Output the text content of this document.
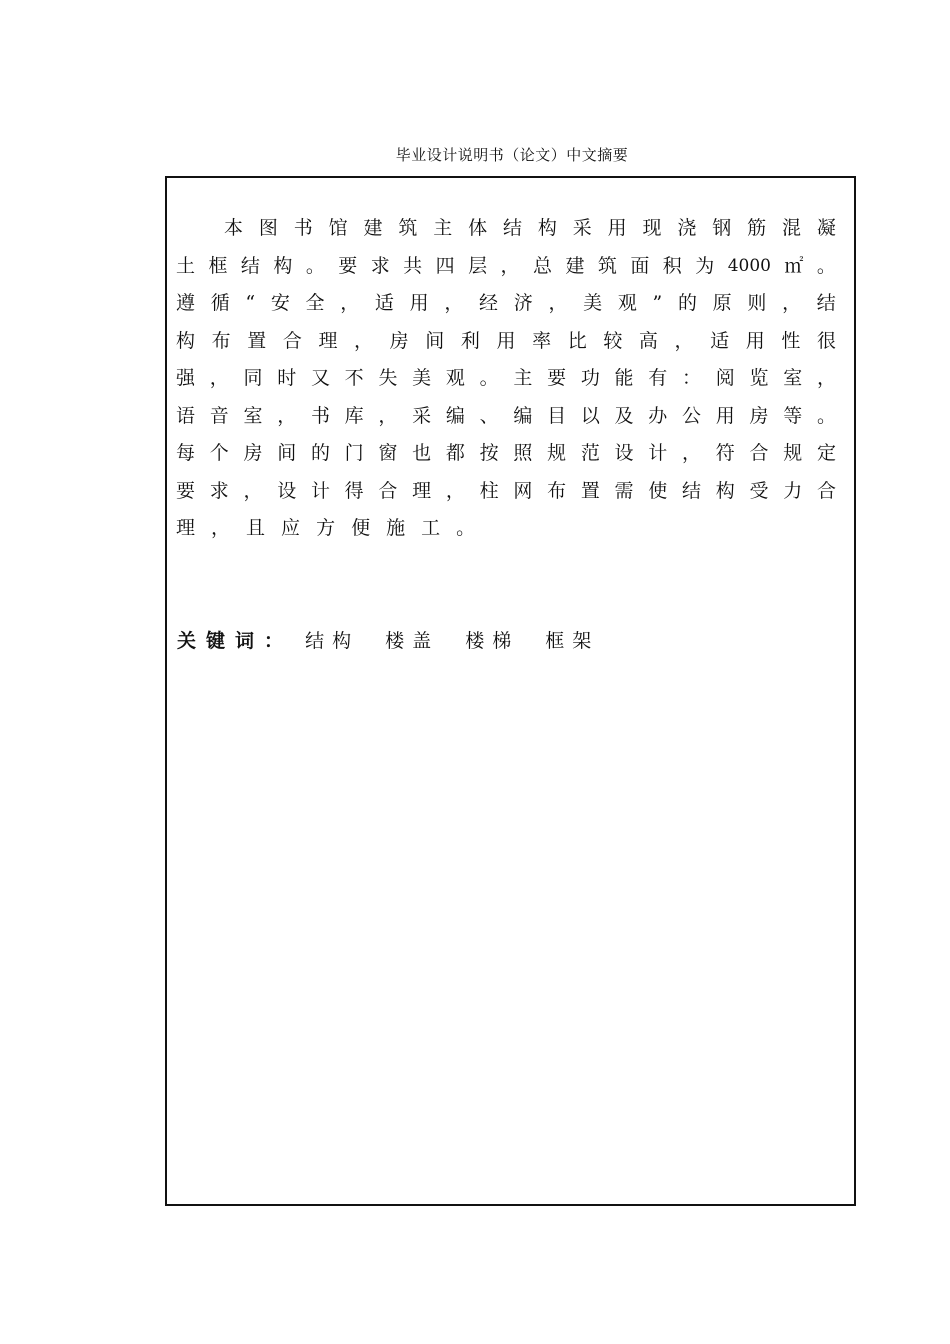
毕业设计说明书（论文）中文摘要
本 图 书 馆 建 筑 主 体 结 构 采 用 现 浇 钢 筋 混 凝
土 框 结 构 。 要 求 共 四 层 ， 总 建 筑 面 积 为 4000 ㎡ 。
遵 循 “ 安 全 ， 适 用 ， 经 济 ， 美 观 ” 的 原 则 ， 结
构 布 置 合 理 ， 房 间 利 用 率 比 较 高 ， 适 用 性 很
强 ， 同 时 又 不 失 美 观 。 主 要 功 能 有 ： 阅 览 室 ，
语 音 室 ， 书 库 ， 采 编 、 编 目 以 及 办 公 用 房 等 。
每 个 房 间 的 门 窗 也 都 按 照 规 范 设 计 ， 符 合 规 定
要 求 ， 设 计 得 合 理 ， 柱 网 布 置 需 使 结 构 受 力 合
理 ， 且 应 方 便 施 工 。
关键词： 结构 楼盖 楼梯 框架
